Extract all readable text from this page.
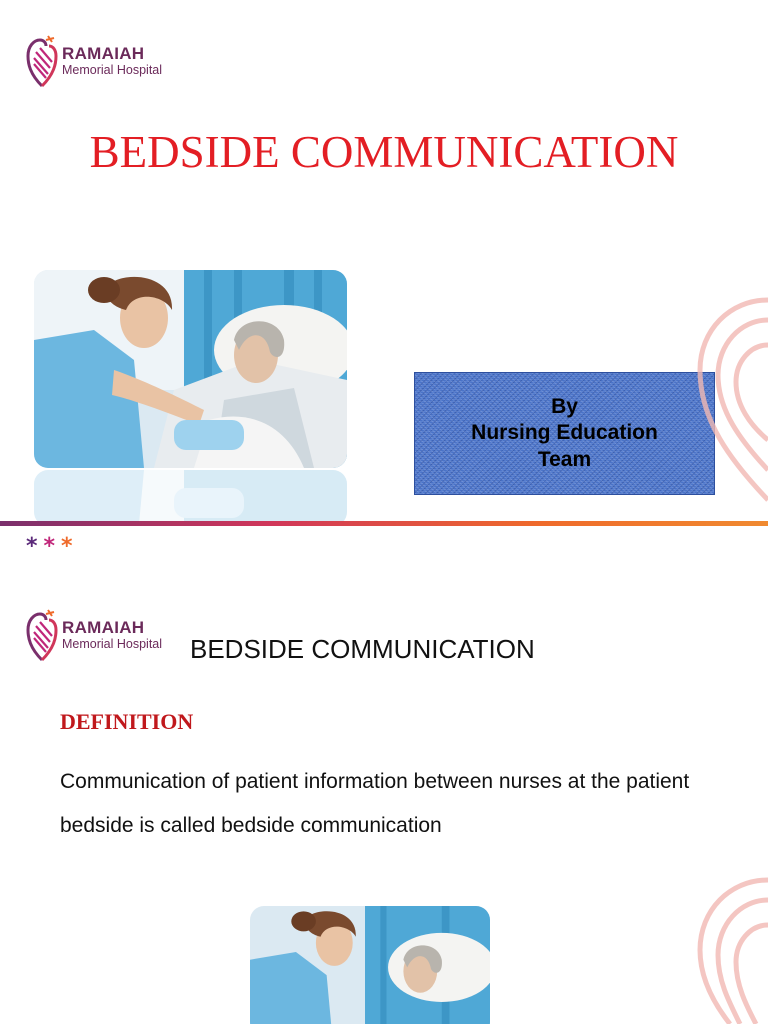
RAMAIAH
Memorial Hospital
BEDSIDE COMMUNICATION
By
Nursing Education
Team
* * *
RAMAIAH
Memorial Hospital BEDSIDE COMMUNICATION
DEFINITION
Communication of patient information between nurses at the patient bedside is called bedside communication
